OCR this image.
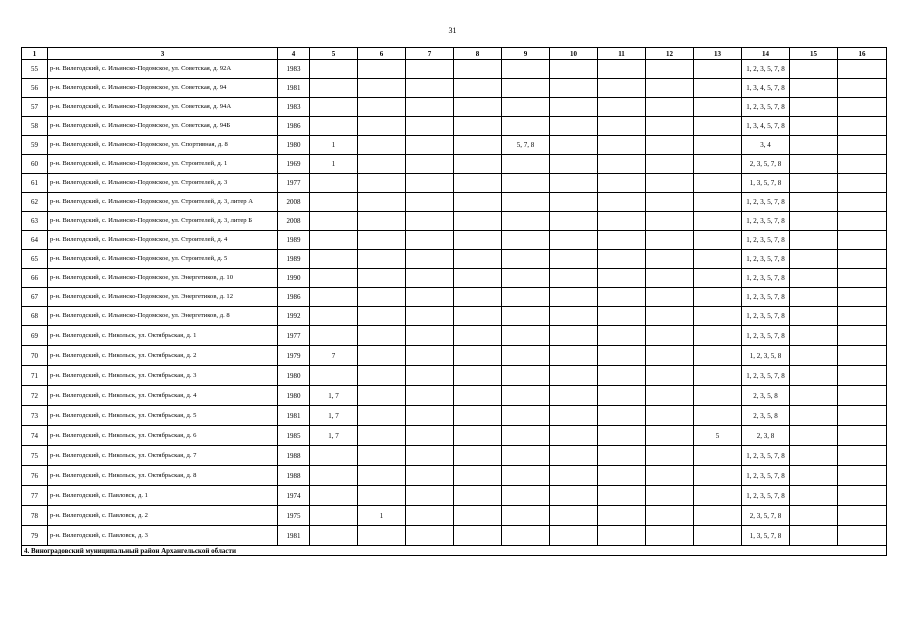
31
1	3	4	5	6	7	8	9	10	11	12	13	14	15	16
55	р-н. Вилегодский, с. Ильинско-Подомское, ул. Советская, д. 92А	1983										1, 2, 3, 5, 7, 8		
56	р-н. Вилегодский, с. Ильинско-Подомское, ул. Советская, д. 94	1981										1, 3, 4, 5, 7, 8		
57	р-н. Вилегодский, с. Ильинско-Подомское, ул. Советская, д. 94А	1983										1, 2, 3, 5, 7, 8		
58	р-н. Вилегодский, с. Ильинско-Подомское, ул. Советская, д. 94Б	1986										1, 3, 4, 5, 7, 8		
59	р-н. Вилегодский, с. Ильинско-Подомское, ул. Спортивная, д. 8	1980	1				5, 7, 8					3, 4		
60	р-н. Вилегодский, с. Ильинско-Подомское, ул. Строителей, д. 1	1969	1									2, 3, 5, 7, 8		
61	р-н. Вилегодский, с. Ильинско-Подомское, ул. Строителей, д. 3	1977										1, 3, 5, 7, 8		
62	р-н. Вилегодский, с. Ильинско-Подомское, ул. Строителей, д. 3, литер А	2008										1, 2, 3, 5, 7, 8		
63	р-н. Вилегодский, с. Ильинско-Подомское, ул. Строителей, д. 3, литер Б	2008										1, 2, 3, 5, 7, 8		
64	р-н. Вилегодский, с. Ильинско-Подомское, ул. Строителей, д. 4	1989										1, 2, 3, 5, 7, 8		
65	р-н. Вилегодский, с. Ильинско-Подомское, ул. Строителей, д. 5	1989										1, 2, 3, 5, 7, 8		
66	р-н. Вилегодский, с. Ильинско-Подомское, ул. Энергетиков, д. 10	1990										1, 2, 3, 5, 7, 8		
67	р-н. Вилегодский, с. Ильинско-Подомское, ул. Энергетиков, д. 12	1986										1, 2, 3, 5, 7, 8		
68	р-н. Вилегодский, с. Ильинско-Подомское, ул. Энергетиков, д. 8	1992										1, 2, 3, 5, 7, 8		
69	р-н. Вилегодский, с. Никольск, ул. Октябрьская, д. 1	1977										1, 2, 3, 5, 7, 8		
70	р-н. Вилегодский, с. Никольск, ул. Октябрьская, д. 2	1979	7									1, 2, 3, 5, 8		
71	р-н. Вилегодский, с. Никольск, ул. Октябрьская, д. 3	1980										1, 2, 3, 5, 7, 8		
72	р-н. Вилегодский, с. Никольск, ул. Октябрьская, д. 4	1980	1, 7									2, 3, 5, 8		
73	р-н. Вилегодский, с. Никольск, ул. Октябрьская, д. 5	1981	1, 7									2, 3, 5, 8		
74	р-н. Вилегодский, с. Никольск, ул. Октябрьская, д. 6	1985	1, 7								5	2, 3, 8		
75	р-н. Вилегодский, с. Никольск, ул. Октябрьская, д. 7	1988										1, 2, 3, 5, 7, 8		
76	р-н. Вилегодский, с. Никольск, ул. Октябрьская, д. 8	1988										1, 2, 3, 5, 7, 8		
77	р-н. Вилегодский, с. Павловск, д. 1	1974										1, 2, 3, 5, 7, 8		
78	р-н. Вилегодский, с. Павловск, д. 2	1975		1								2, 3, 5, 7, 8		
79	р-н. Вилегодский, с. Павловск, д. 3	1981										1, 3, 5, 7, 8		
4. Виноградовский муниципальный район Архангельской области														
